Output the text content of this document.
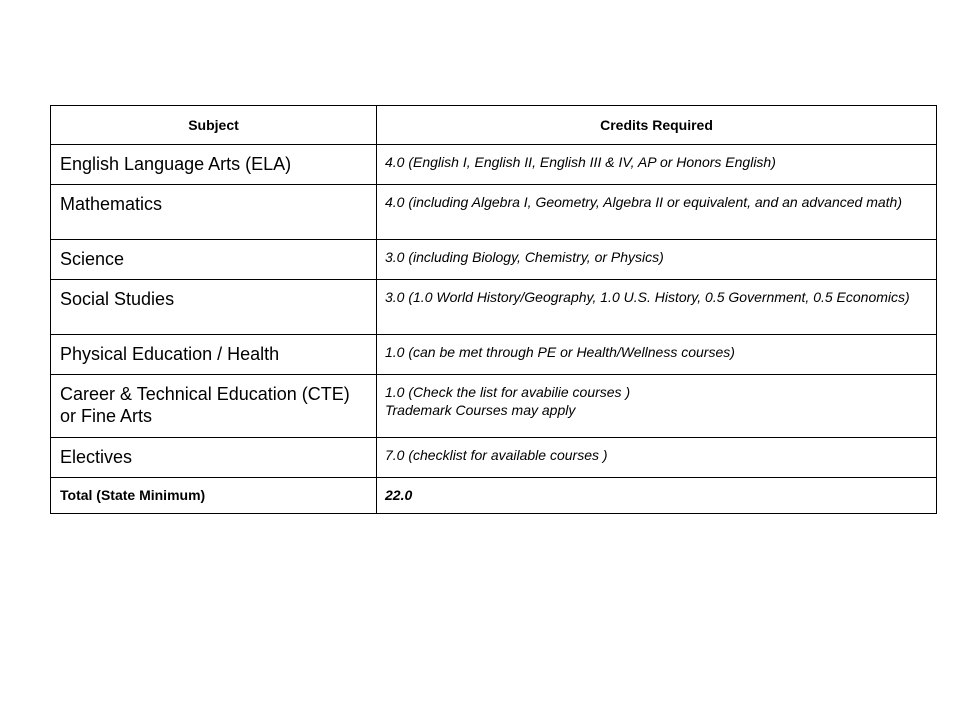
Subject	Credits Required
English Language Arts (ELA)	4.0 (English I, English II, English III & IV, AP or Honors English)
Mathematics	4.0 (including Algebra I, Geometry, Algebra II or equivalent, and an advanced math)
Science	3.0 (including Biology, Chemistry, or Physics)
Social Studies	3.0 (1.0 World History/Geography, 1.0 U.S. History, 0.5 Government, 0.5 Economics)
Physical Education / Health	1.0 (can be met through PE or Health/Wellness courses)
Career & Technical Education (CTE) or Fine Arts	1.0 (Check the list for avabilie courses )
Trademark Courses may apply

Electives	7.0 (checklist for available courses )
Total (State Minimum)	22.0
